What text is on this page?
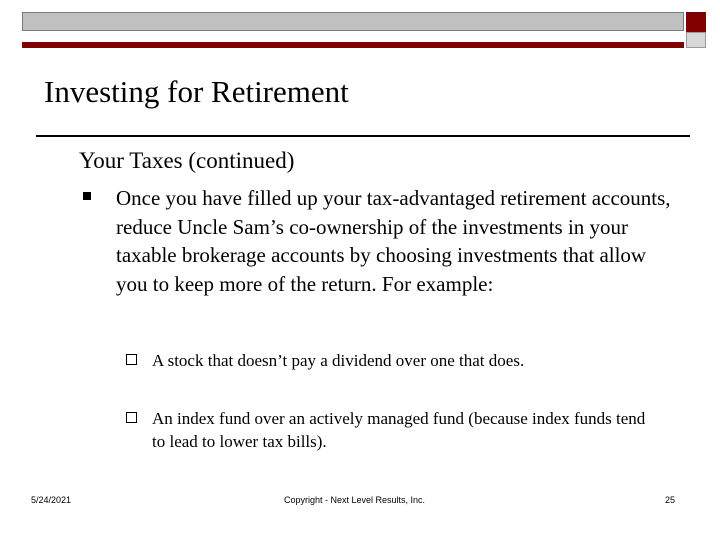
Investing for Retirement
Your Taxes (continued)
Once you have filled up your tax-advantaged retirement accounts, reduce Uncle Sam’s co-ownership of the investments in your taxable brokerage accounts by choosing investments that allow you to keep more of the return. For example:
A stock that doesn’t pay a dividend over one that does.
An index fund over an actively managed fund (because index funds tend to lead to lower tax bills).
5/24/2021	Copyright - Next Level Results, Inc.	25
